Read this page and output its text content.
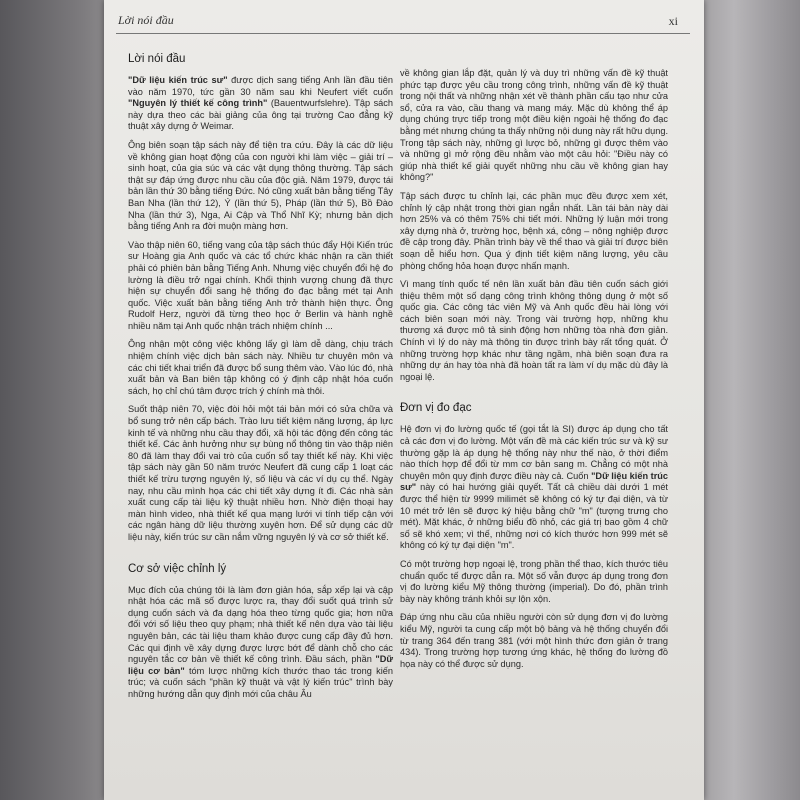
Lời nói đầu	xi
Lời nói đầu

"Dữ liệu kiến trúc sư" được dịch sang tiếng Anh lần đầu tiên vào năm 1970, tức gần 30 năm sau khi Neufert viết cuốn "Nguyên lý thiết kế công trình" (Bauentwurfslehre). Tập sách này dựa theo các bài giảng của ông tại trường Cao đẳng kỹ thuật xây dựng ở Weimar.

Ông biên soạn tập sách này để tiện tra cứu. Đây là các dữ liệu về không gian hoạt động của con người khi làm việc – giải trí – sinh hoạt, của gia súc và các vật dụng thông thường. Tập sách thật sự đáp ứng được nhu cầu của độc giả. Năm 1979, được tái bản lần thứ 30 bằng tiếng Đức. Nó cũng xuất bản bằng tiếng Tây Ban Nha (lần thứ 12), Ý (lần thứ 5), Pháp (lần thứ 5), Bồ Đào Nha (lần thứ 3), Nga, Ai Cập và Thổ Nhĩ Kỳ; nhưng bản dịch bằng tiếng Anh ra đời muộn màng hơn.

Vào thập niên 60, tiếng vang của tập sách thúc đẩy Hội Kiến trúc sư Hoàng gia Anh quốc và các tổ chức khác nhận ra cần thiết phải có phiên bản bằng Tiếng Anh. Nhưng việc chuyển đổi hệ đo lường là điều trở ngại chính. Khối thịnh vượng chung đã thực hiện sự chuyển đổi sang hệ thống đo đạc bằng mét tại Anh quốc. Việc xuất bản bằng tiếng Anh trở thành hiện thực. Ông Rudolf Herz, người đã từng theo học ở Berlin và hành nghề nhiều năm tại Anh quốc nhận trách nhiệm chính ...

Ông nhận một công việc không lấy gì làm dễ dàng, chịu trách nhiệm chính việc dịch bản sách này. Nhiều tư chuyên môn và các chi tiết khai triển đã được bổ sung thêm vào. Vào lúc đó, nhà xuất bản và Ban biên tập không có ý định cập nhật hóa cuốn sách, họ chỉ chú tâm được trích ý chính mà thôi.

Suốt thập niên 70, việc đòi hỏi một tái bản mới có sửa chữa và bổ sung trở nên cấp bách. Trào lưu tiết kiệm năng lượng, áp lực kinh tế và những nhu cầu thay đổi, xã hội tác động đến công tác thiết kế. Các ảnh hưởng như sự bùng nổ thông tin vào thập niên 80 đã làm thay đổi vai trò của cuốn sổ tay thiết kế này. Khi việc tập sách này gần 50 năm trước Neufert đã cung cấp 1 loạt các thiết kế trừu tượng nguyên lý, số liệu và các ví dụ cụ thể. Ngày nay, nhu cầu mình họa các chi tiết xây dựng ít đi. Các nhà sản xuất cung cấp tài liệu kỹ thuật nhiều hơn. Nhờ điện thoại hay màn hình video, nhà thiết kế qua mạng lưới vi tính tiếp cận với các ngân hàng dữ liệu thường xuyên hơn. Để sử dụng các dữ liệu này, kiến trúc sư cần nắm vững nguyên lý và cơ sở thiết kế.

Cơ sở việc chỉnh lý

Mục đích của chúng tôi là làm đơn giản hóa, sắp xếp lại và cập nhật hóa các mã số được lược ra, thay đổi suốt quá trình sử dụng cuốn sách và đa dạng hóa theo từng quốc gia; hơn nữa đối với số liệu theo quy phạm; nhà thiết kế nên dựa vào tài liệu nguyên bản, các tài liệu tham khảo được cung cấp đầy đủ hơn. Các qui định về xây dựng được lược bớt để dành chỗ cho các nguyên tắc cơ bản về thiết kế công trình. Đầu sách, phần "Dữ liệu cơ bản" tóm lược những kích thước thao tác trong kiến trúc; và cuốn sách "phần kỹ thuật và vật lý kiến trúc" trình bày những hướng dẫn quy định mới của châu Âu

về không gian lắp đặt, quản lý và duy trì những vấn đề kỹ thuật phức tạp được yêu cầu trong công trình, những vấn đề kỹ thuật trong nội thất và những nhận xét về thành phần cấu tạo như cửa sổ, cửa ra vào, cầu thang và mang máy. Mặc dù không thể áp dụng chúng trực tiếp trong một điều kiện ngoài hệ thống đo đạc bằng mét nhưng chúng ta thấy những nội dung này rất hữu dụng. Trong tập sách này, những gì lược bỏ, những gì được thêm vào và những gì mở rộng đều nhằm vào một câu hỏi: "Điều này có giúp nhà thiết kế giải quyết những nhu cầu về không gian hay không?"

Tập sách được tu chỉnh lại, các phần mục đều được xem xét, chỉnh lý cập nhật trong thời gian ngắn nhất. Lần tái bản này dài hơn 25% và có thêm 75% chi tiết mới. Những lý luận mới trong xây dựng nhà ở, trường học, bệnh xá, công – nông nghiệp được đề cập trong đây. Phần trình bày về thể thao và giải trí được biên soạn dễ hiểu hơn. Qua ý định tiết kiệm năng lượng, yêu cầu phòng chống hỏa hoạn được nhấn mạnh.

Vì mang tính quốc tế nên lần xuất bản đầu tiên cuốn sách giới thiệu thêm một số dạng công trình không thông dụng ở một số quốc gia. Các công tác viên Mỹ và Anh quốc đều hài lòng với cách biên soạn mới này. Trong vài trường hợp, những khu thương xá được mô tả sinh động hơn những tòa nhà đơn giản. Chính vì lý do này mà thông tin được trình bày rất tổng quát. Ở những trường hợp khác như tầng ngầm, nhà biên soạn đưa ra những dự án hay tòa nhà đã hoàn tất ra làm ví dụ mặc dù đây là ngoại lệ.

Đơn vị đo đạc

Hệ đơn vị đo lường quốc tế (gọi tắt là SI) được áp dụng cho tất cả các đơn vị đo lường. Một vấn đề mà các kiến trúc sư và kỹ sư thường gặp là áp dụng hệ thống này như thế nào, ở thời điểm nào thích hợp để đổi từ mm cơ bản sang m. Chẳng có một nhà chuyên môn quy định được điều này cả. Cuốn "Dữ liệu kiến trúc sư" này có hai hướng giải quyết. Tất cả chiều dài dưới 1 mét được thể hiện từ 9999 milimét sẽ không có ký tự đại diện, và từ 10 mét trở lên sẽ được ký hiệu bằng chữ "m" (tượng trưng cho mét). Mặt khác, ở những biểu đồ nhỏ, các giá trị bao gồm 4 chữ số sẽ khó xem; vì thế, những nơi có kích thước hơn 999 mét sẽ không có ký tự đại diện "m".

Có một trường hợp ngoại lệ, trong phần thể thao, kích thước tiêu chuẩn quốc tế được dẫn ra. Một số vẫn được áp dụng trong đơn vị đo lường kiểu Mỹ thông thường (imperial). Do đó, phần trình bày này không tránh khỏi sự lộn xộn.

Đáp ứng nhu cầu của nhiều người còn sử dụng đơn vị đo lường kiểu Mỹ, người ta cung cấp một bộ bảng và hệ thống chuyển đổi từ trang 364 đến trang 381 (với một hình thức đơn giản ở trang 434). Trong trường hợp tương ứng khác, hệ thống đo lường đồ họa này có thể được sử dụng.
